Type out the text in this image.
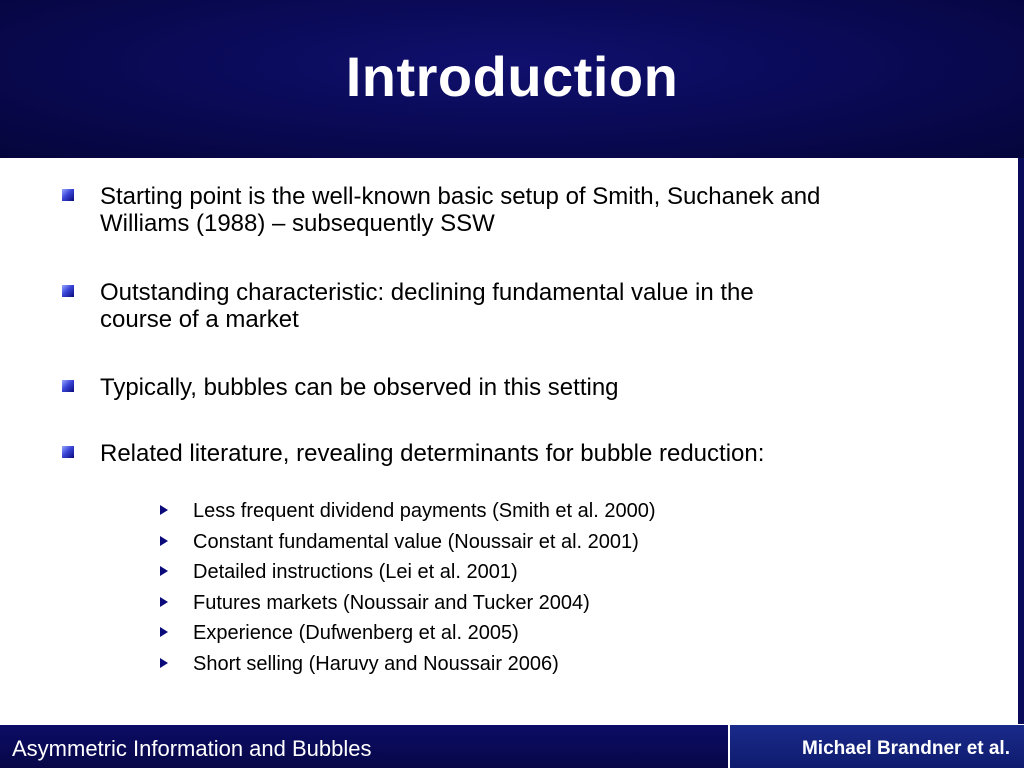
Introduction
Starting point is the well-known basic setup of Smith, Suchanek and
Williams (1988) – subsequently SSW
Outstanding characteristic: declining fundamental value in the
course of a market
Typically, bubbles can be observed in this setting
Related literature, revealing determinants for bubble reduction:
Less frequent dividend payments (Smith et al. 2000)
Constant fundamental value (Noussair et al. 2001)
Detailed instructions (Lei et al. 2001)
Futures markets (Noussair and Tucker 2004)
Experience (Dufwenberg et al. 2005)
Short selling (Haruvy and Noussair 2006)
Asymmetric Information and Bubbles	Michael Brandner et al.
